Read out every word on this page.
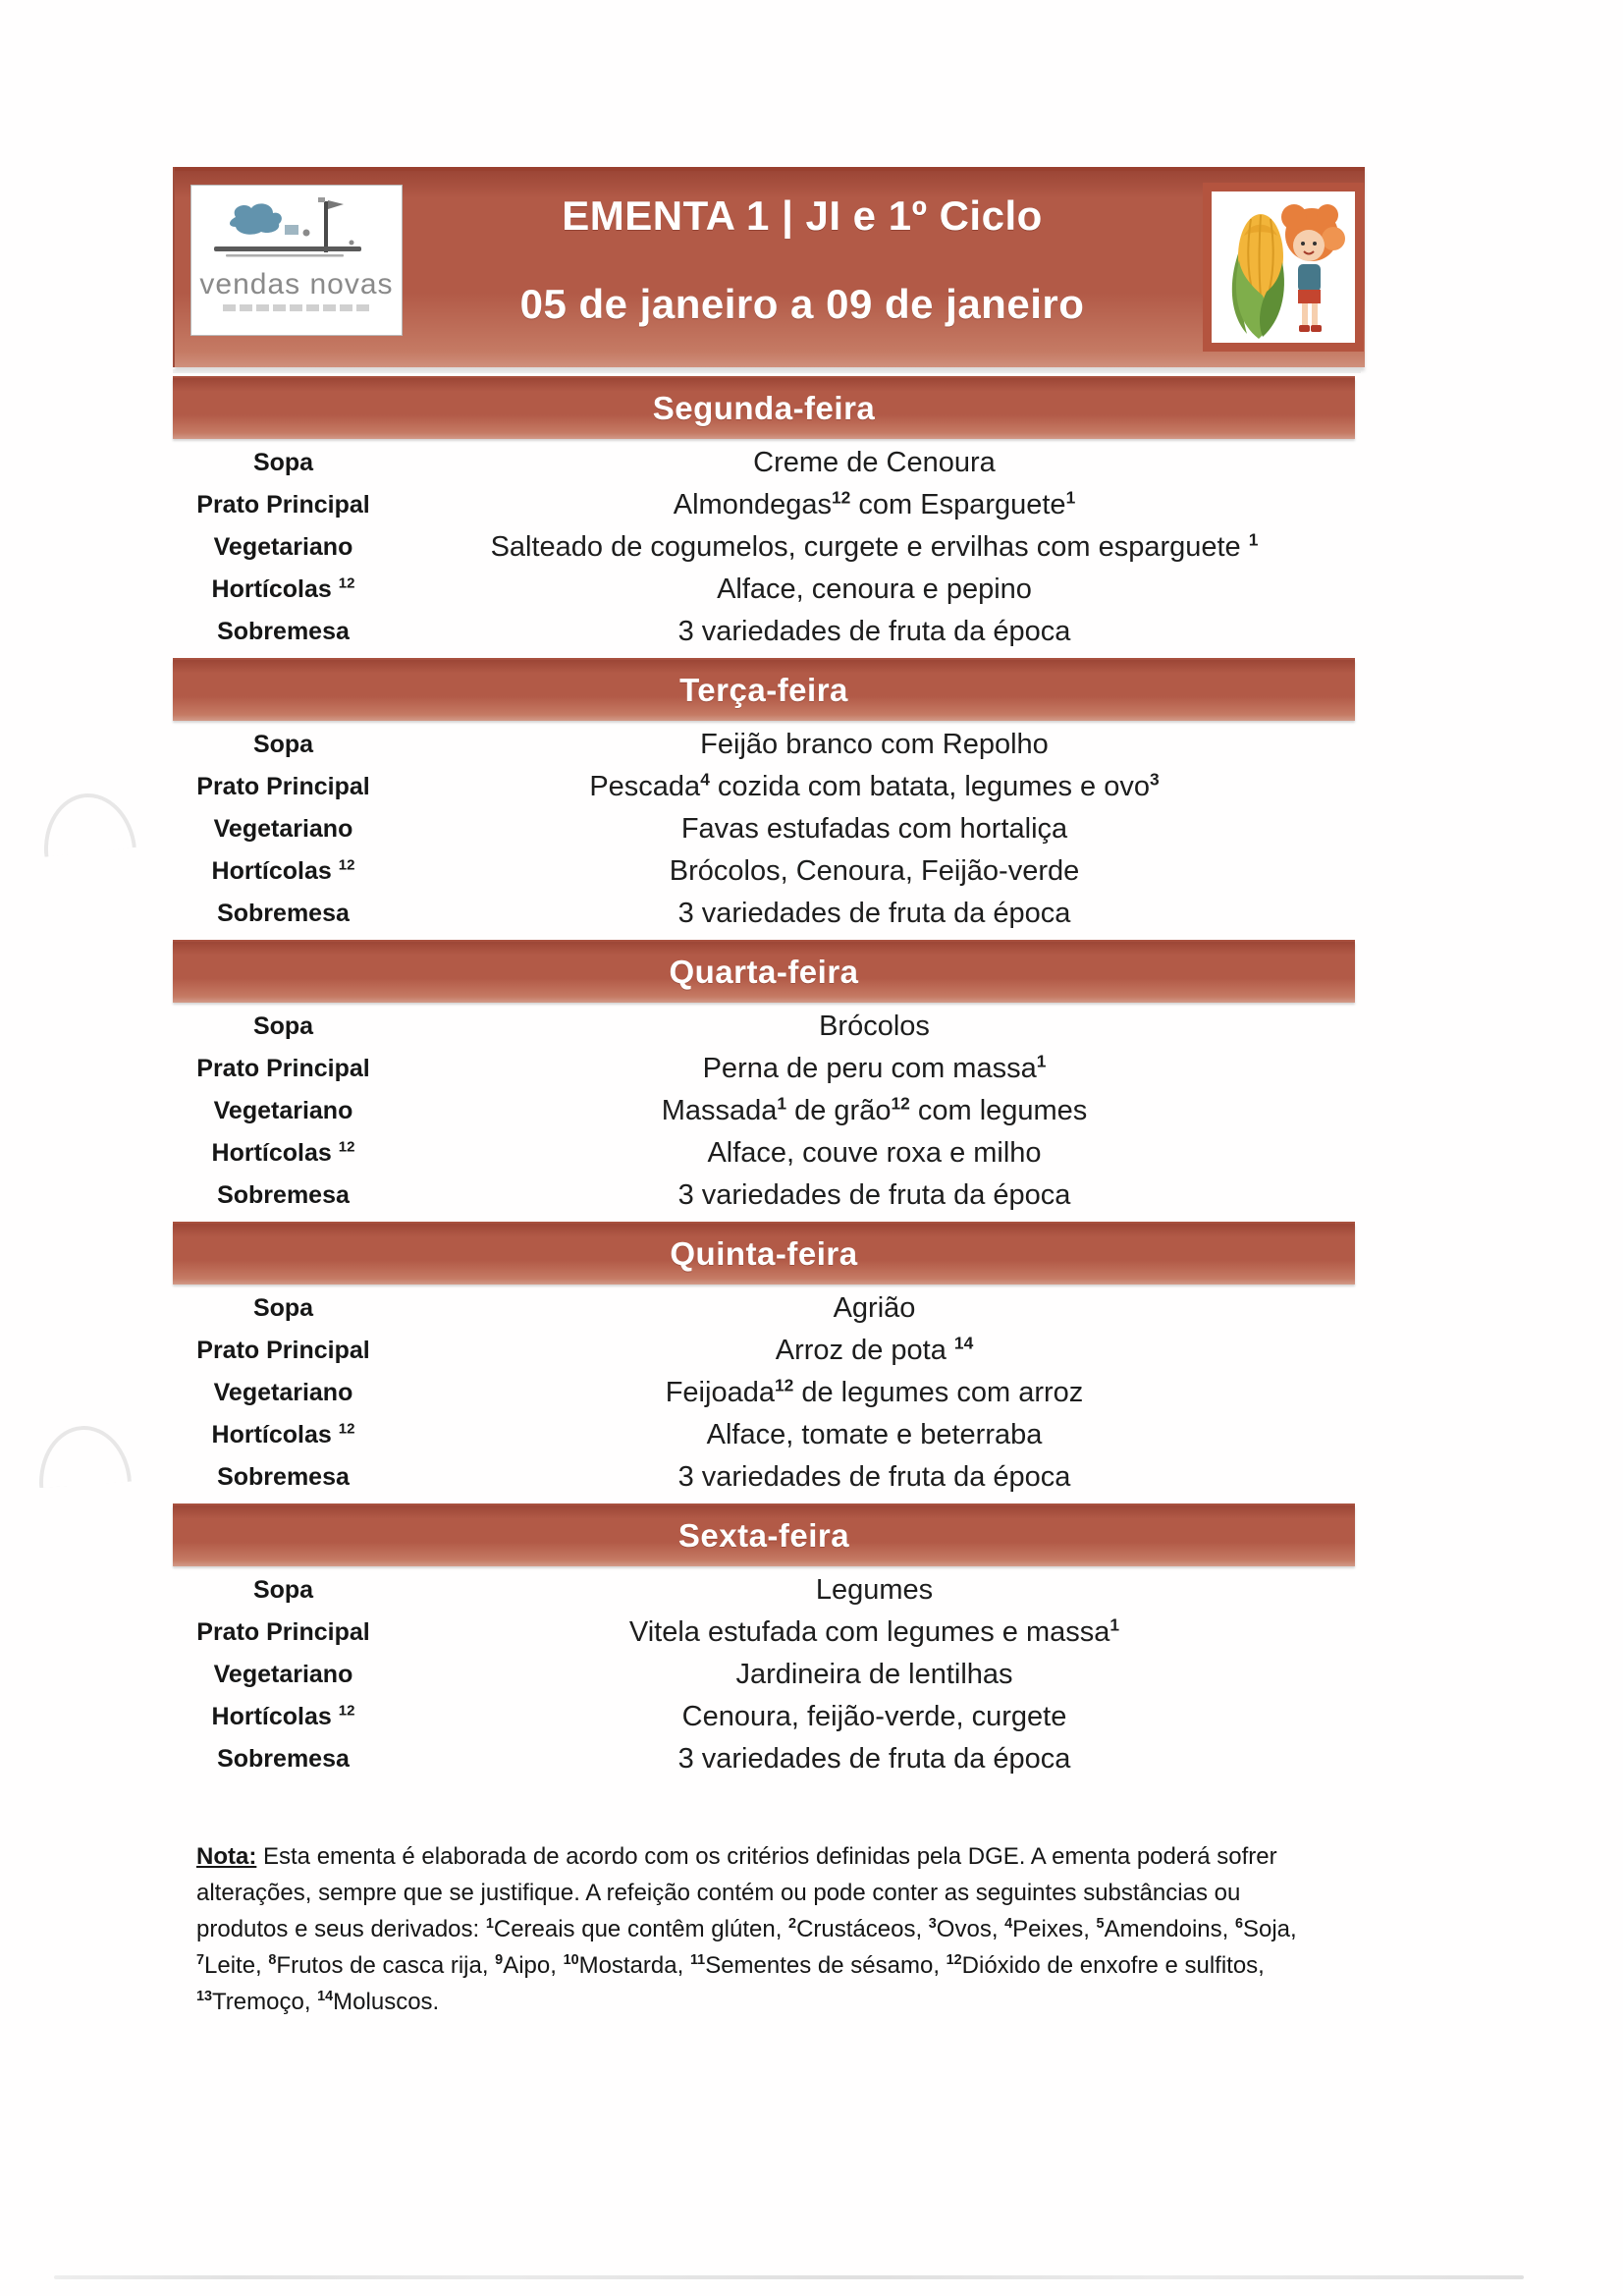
vendas novas
EMENTA 1 | JI e 1º Ciclo
05 de janeiro a 09 de janeiro
Segunda-feira
Sopa	Creme de Cenoura
Prato Principal	Almondegas$^{12}$ com Esparguete$^1$
Vegetariano	Salteado de cogumelos, curgete e ervilhas com esparguete $^1$
Hortícolas $^{12}$	Alface, cenoura e pepino
Sobremesa	3 variedades de fruta da época
Terça-feira
Sopa	Feijão branco com Repolho
Prato Principal	Pescada$^4$ cozida com batata, legumes e ovo$^3$
Vegetariano	Favas estufadas com hortaliça
Hortícolas $^{12}$	Brócolos, Cenoura, Feijão-verde
Sobremesa	3 variedades de fruta da época
Quarta-feira
Sopa	Brócolos
Prato Principal	Perna de peru com massa$^1$
Vegetariano	Massada$^1$ de grão$^{12}$ com legumes
Hortícolas $^{12}$	Alface, couve roxa e milho
Sobremesa	3 variedades de fruta da época
Quinta-feira
Sopa	Agrião
Prato Principal	Arroz de pota $^{14}$
Vegetariano	Feijoada$^{12}$ de legumes com arroz
Hortícolas $^{12}$	Alface, tomate e beterraba
Sobremesa	3 variedades de fruta da época
Sexta-feira
Sopa	Legumes
Prato Principal	Vitela estufada com legumes e massa$^1$
Vegetariano	Jardineira de lentilhas
Hortícolas $^{12}$	Cenoura, feijão-verde, curgete
Sobremesa	3 variedades de fruta da época

Nota: Esta ementa é elaborada de acordo com os critérios definidas pela DGE. A ementa poderá sofrer
alterações, sempre que se justifique. A refeição contém ou pode conter as seguintes substâncias ou
produtos e seus derivados: $^1$Cereais que contêm glúten, $^2$Crustáceos, $^3$Ovos, $^4$Peixes, $^5$Amendoins, $^6$Soja,
$^7$Leite, $^8$Frutos de casca rija, $^9$Aipo, $^{10}$Mostarda, $^{11}$Sementes de sésamo, $^{12}$Dióxido de enxofre e sulfitos,
$^{13}$Tremoço, $^{14}$Moluscos.
